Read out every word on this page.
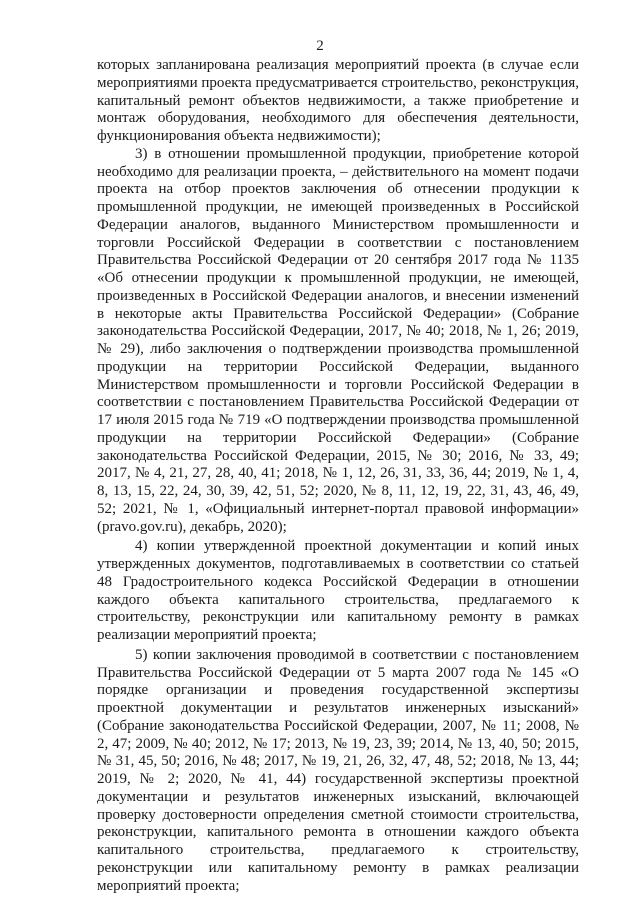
2

которых запланирована реализация мероприятий проекта (в случае если мероприятиями проекта предусматривается строительство, реконструкция, капитальный ремонт объектов недвижимости, а также приобретение и монтаж оборудования, необходимого для обеспечения деятельности, функционирования объекта недвижимости);

3) в отношении промышленной продукции, приобретение которой необходимо для реализации проекта, – действительного на момент подачи проекта на отбор проектов заключения об отнесении продукции к промышленной продукции, не имеющей произведенных в Российской Федерации аналогов, выданного Министерством промышленности и торговли Российской Федерации в соответствии с постановлением Правительства Российской Федерации от 20 сентября 2017 года № 1135 «Об отнесении продукции к промышленной продукции, не имеющей, произведенных в Российской Федерации аналогов, и внесении изменений в некоторые акты Правительства Российской Федерации» (Собрание законодательства Российской Федерации, 2017, № 40; 2018, № 1, 26; 2019, № 29), либо заключения о подтверждении производства промышленной продукции на территории Российской Федерации, выданного Министерством промышленности и торговли Российской Федерации в соответствии с постановлением Правительства Российской Федерации от 17 июля 2015 года № 719 «О подтверждении производства промышленной продукции на территории Российской Федерации» (Собрание законодательства Российской Федерации, 2015, № 30; 2016, № 33, 49; 2017, № 4, 21, 27, 28, 40, 41; 2018, № 1, 12, 26, 31, 33, 36, 44; 2019, № 1, 4, 8, 13, 15, 22, 24, 30, 39, 42, 51, 52; 2020, № 8, 11, 12, 19, 22, 31, 43, 46, 49, 52; 2021, № 1, «Официальный интернет-портал правовой информации» (pravo.gov.ru), декабрь, 2020);

4) копии утвержденной проектной документации и копий иных утвержденных документов, подготавливаемых в соответствии со статьей 48 Градостроительного кодекса Российской Федерации в отношении каждого объекта капитального строительства, предлагаемого к строительству, реконструкции или капитальному ремонту в рамках реализации мероприятий проекта;

5) копии заключения проводимой в соответствии с постановлением Правительства Российской Федерации от 5 марта 2007 года № 145 «О порядке организации и проведения государственной экспертизы проектной документации и результатов инженерных изысканий» (Собрание законодательства Российской Федерации, 2007, № 11; 2008, № 2, 47; 2009, № 40; 2012, № 17; 2013, № 19, 23, 39; 2014, № 13, 40, 50; 2015, № 31, 45, 50; 2016, № 48; 2017, № 19, 21, 26, 32, 47, 48, 52; 2018, № 13, 44; 2019, № 2; 2020, № 41, 44) государственной экспертизы проектной документации и результатов инженерных изысканий, включающей проверку достоверности определения сметной стоимости строительства, реконструкции, капитального ремонта в отношении каждого объекта капитального строительства, предлагаемого к строительству, реконструкции или капитальному ремонту в рамках реализации мероприятий проекта;
